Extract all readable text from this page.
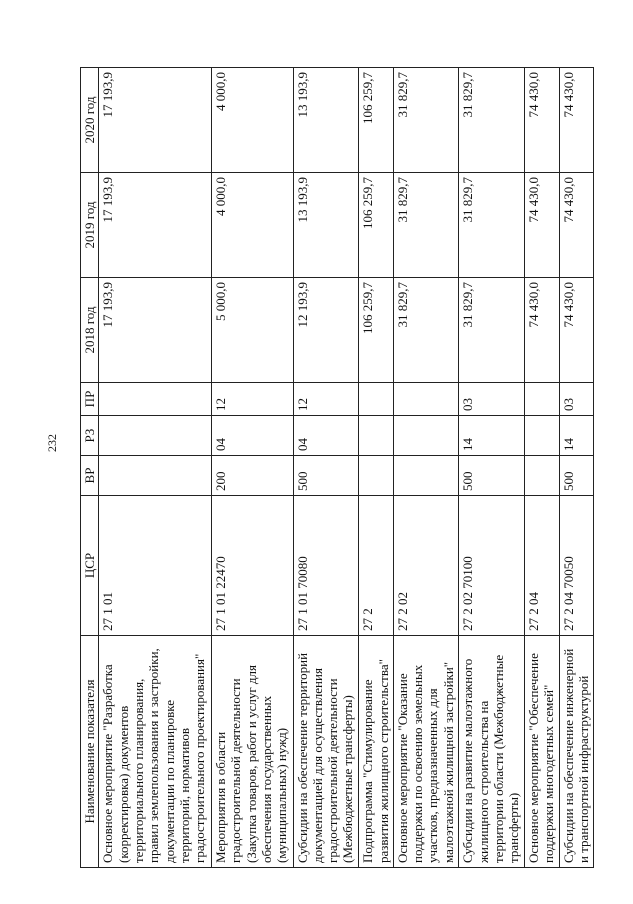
232
Наименование показателя	ЦСР	ВР	РЗ	ПР	2018 год	2019 год	2020 год
Основное мероприятие "Разработка (корректировка) документов территориального планирования, правил землепользования и застройки, документации по планировке территорий, нормативов градостроительного проектирования"	27 1 01				17 193,9	17 193,9	17 193,9
Мероприятия в области градостроительной деятельности (Закупка товаров, работ и услуг для обеспечения государственных (муниципальных) нужд)	27 1 01 22470	200	04	12	5 000,0	4 000,0	4 000,0
Субсидии на обеспечение территорий документацией для осуществления градостроительной деятельности (Межбюджетные трансферты)	27 1 01 70080	500	04	12	12 193,9	13 193,9	13 193,9
Подпрограмма "Стимулирование развития жилищного строительства"	27 2				106 259,7	106 259,7	106 259,7
Основное мероприятие "Оказание поддержки по освоению земельных участков, предназначенных для малоэтажной жилищной застройки"	27 2 02				31 829,7	31 829,7	31 829,7
Субсидии на развитие малоэтажного жилищного строительства на территории области (Межбюджетные трансферты)	27 2 02 70100	500	14	03	31 829,7	31 829,7	31 829,7
Основное мероприятие "Обеспечение поддержки многодетных семей"	27 2 04				74 430,0	74 430,0	74 430,0
Субсидии на обеспечение инженерной и транспортной инфраструктурой	27 2 04 70050	500	14	03	74 430,0	74 430,0	74 430,0
